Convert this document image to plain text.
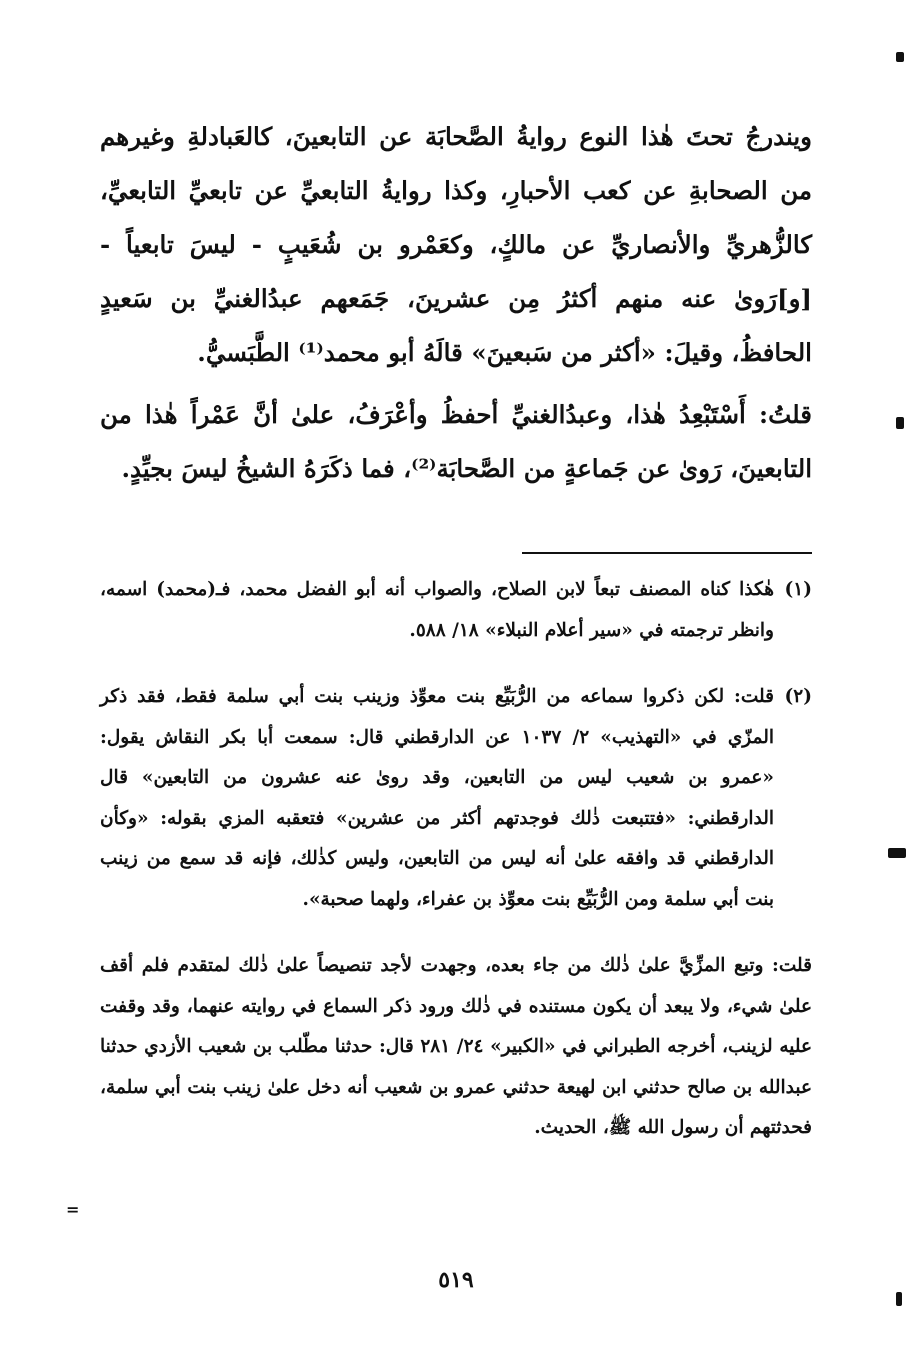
ويندرجُ تحتَ هٰذا النوع روايةُ الصَّحابَة عن التابعينَ، كالعَبادلةِ وغيرهم من الصحابةِ عن كعب الأحبارِ، وكذا روايةُ التابعيِّ عن تابعيِّ التابعيِّ، كالزُّهريِّ والأنصاريِّ عن مالكٍ، وكعَمْرو بن شُعَيبٍ - ليسَ تابعياً - [و]رَوىٰ عنه منهم أكثرُ مِن عشرينَ، جَمَعهم عبدُالغنيِّ بن سَعيدٍ الحافظُ، وقيلَ: «أكثر من سَبعينَ» قالَهُ أبو محمد⁽¹⁾ الطَّبَسيُّ.

قلتُ: أَسْتَبْعِدُ هٰذا، وعبدُالغنيِّ أحفظُ وأعْرَفُ، علىٰ أنَّ عَمْراً هٰذا من التابعينَ، رَوىٰ عن جَماعةٍ من الصَّحابَة⁽²⁾، فما ذكَرَهُ الشيخُ ليسَ بجيِّدٍ.

(١)
هٰكذا كناه المصنف تبعاً لابن الصلاح، والصواب أنه أبو الفضل محمد، فـ(محمد) اسمه، وانظر ترجمته في «سير أعلام النبلاء» ١٨/ ٥٨٨.
(٢)
قلت: لكن ذكروا سماعه من الرُّبَيِّع بنت معوِّذ وزينب بنت أبي سلمة فقط، فقد ذكر المزّي في «التهذيب» ٢/ ١٠٣٧ عن الدارقطني قال: سمعت أبا بكر النقاش يقول: «عمرو بن شعيب ليس من التابعين، وقد روىٰ عنه عشرون من التابعين» قال الدارقطني: «فتتبعت ذٰلك فوجدتهم أكثر من عشرين» فتعقبه المزي بقوله: «وكأن الدارقطني قد وافقه علىٰ أنه ليس من التابعين، وليس كذٰلك، فإنه قد سمع من زينب بنت أبي سلمة ومن الرُّبَيِّع بنت معوِّذ بن عفراء، ولهما صحبة».

قلت: وتبع المزِّيَّ علىٰ ذٰلك من جاء بعده، وجهدت لأجد تنصيصاً علىٰ ذٰلك لمتقدم فلم أقف علىٰ شيء، ولا يبعد أن يكون مستنده في ذٰلك ورود ذكر السماع في روايته عنهما، وقد وقفت عليه لزينب، أخرجه الطبراني في «الكبير» ٢٤/ ٢٨١ قال: حدثنا مطّلب بن شعيب الأزدي حدثنا عبدالله بن صالح حدثني ابن لهيعة حدثني عمرو بن شعيب أنه دخل علىٰ زينب بنت أبي سلمة، فحدثتهم أن رسول الله ﷺ، الحديث.

٥١٩
=
